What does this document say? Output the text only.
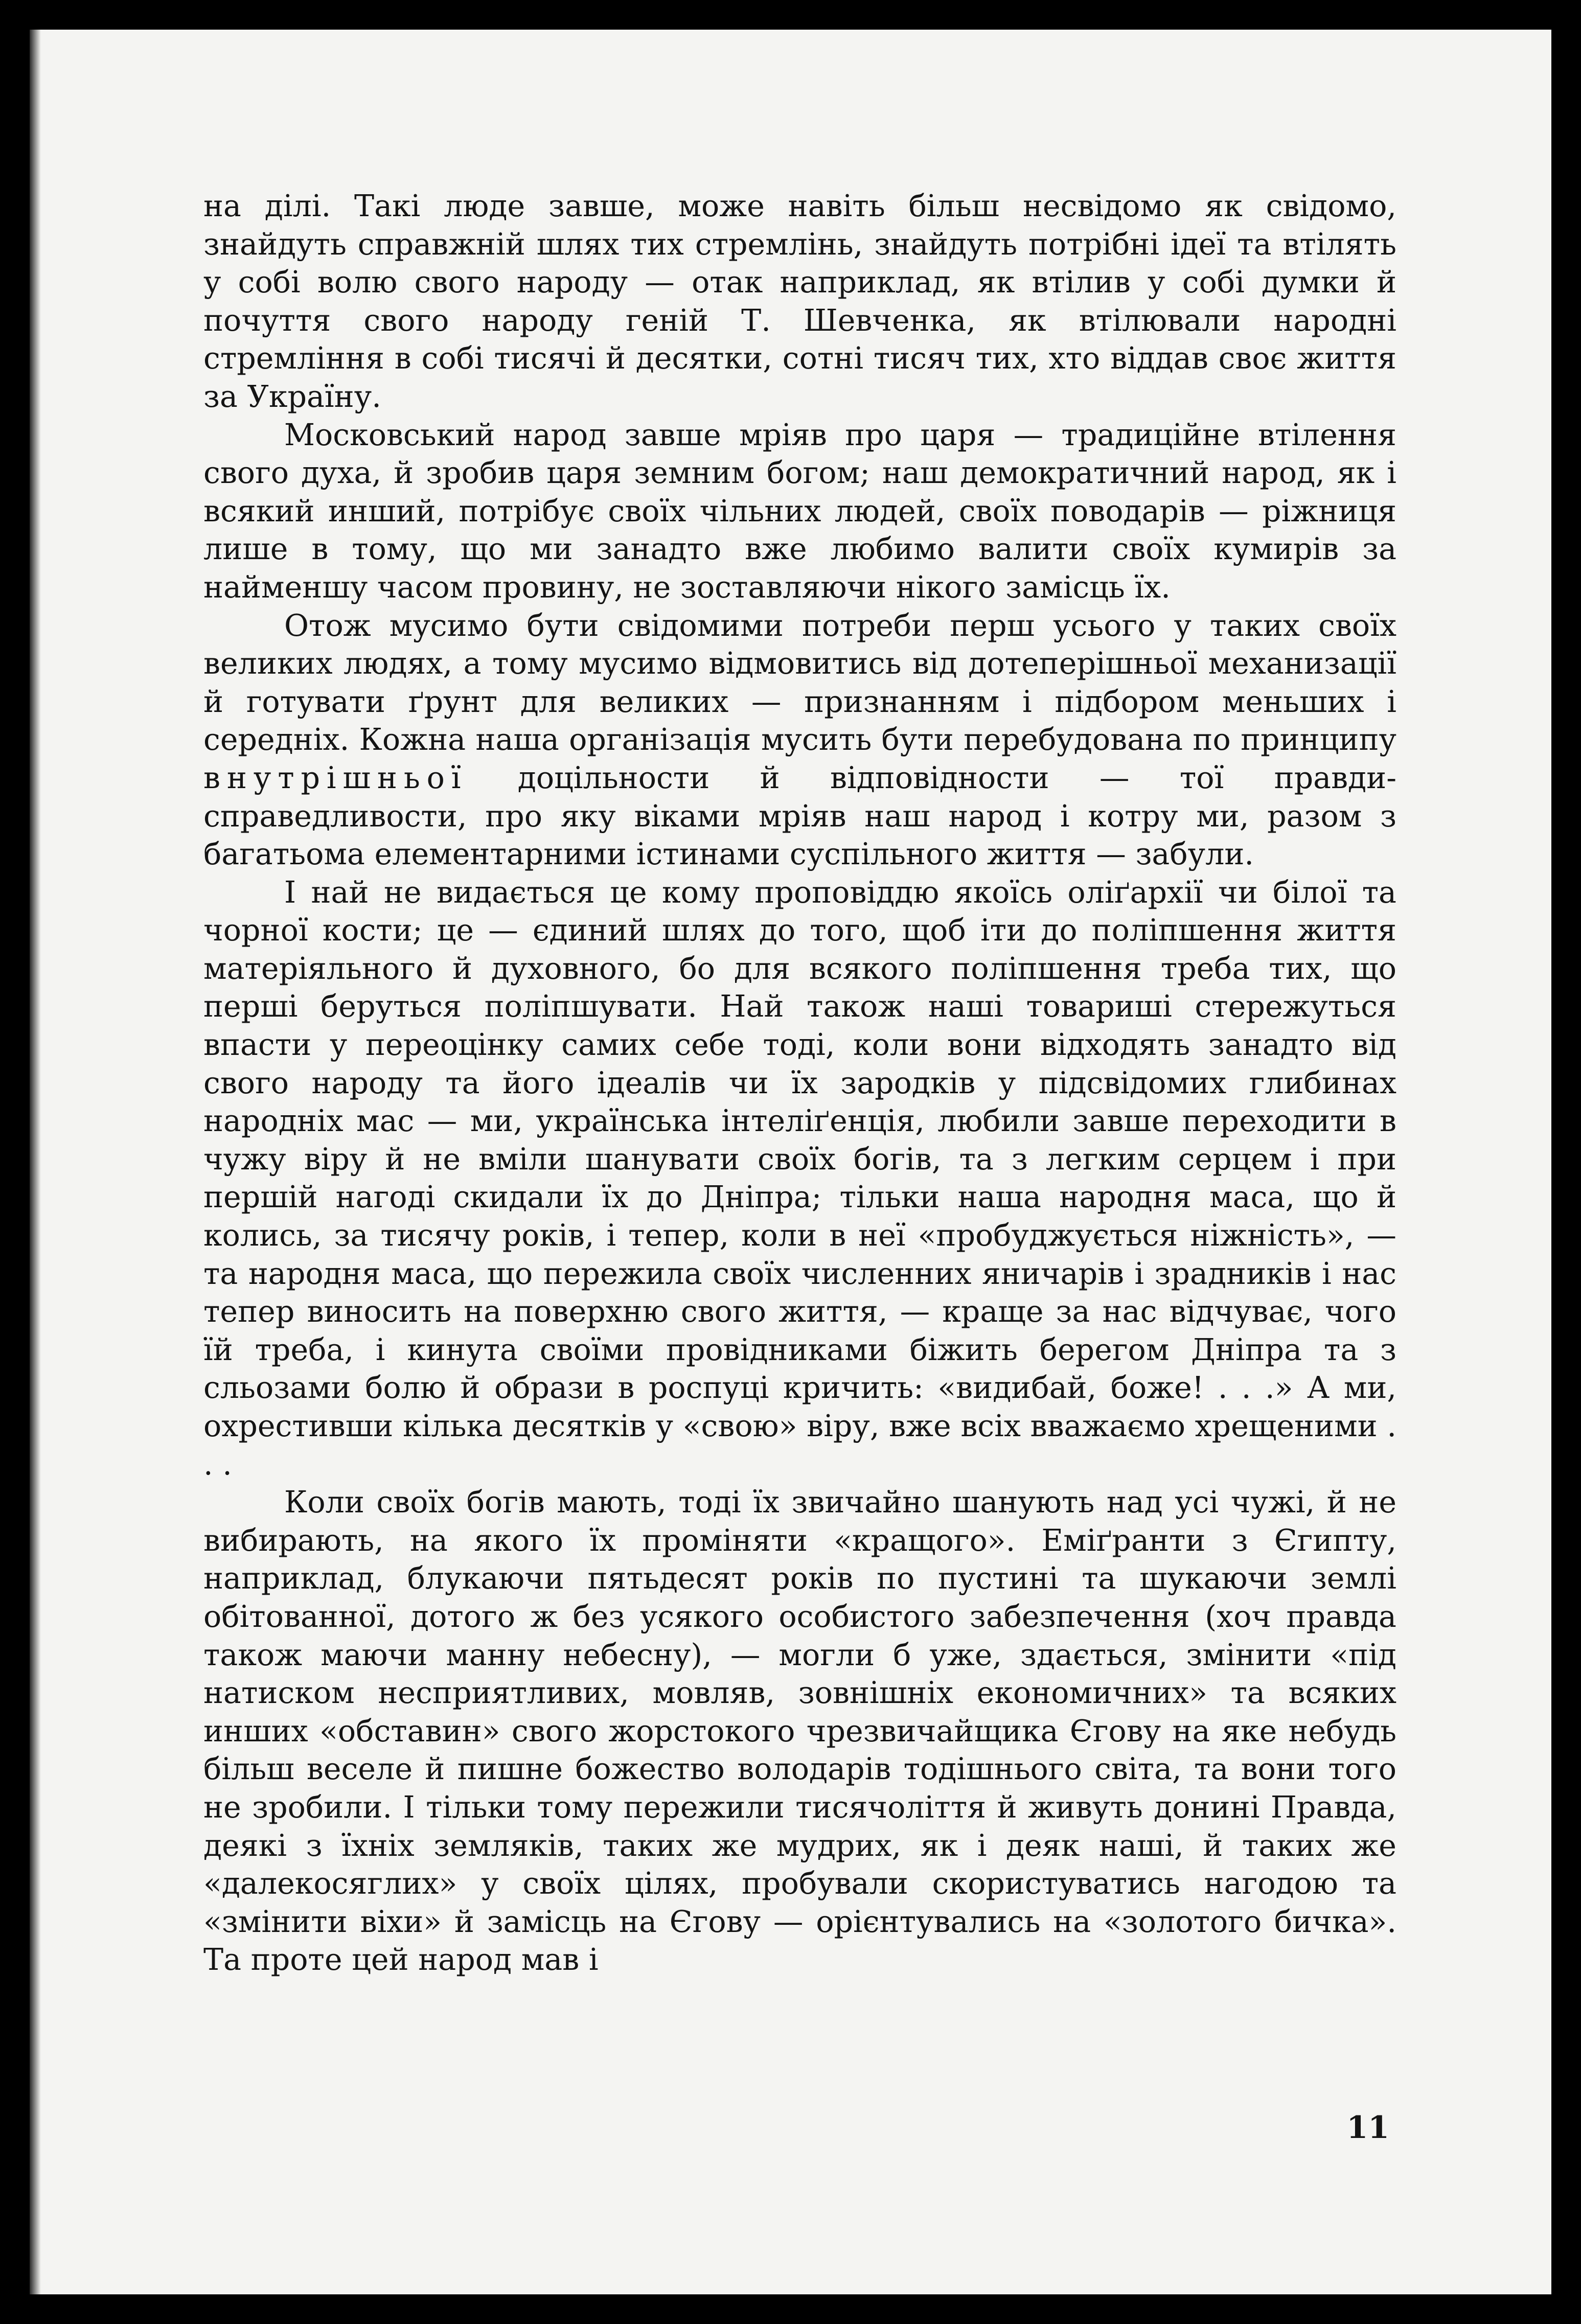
на ділі. Такі люде завше, може навіть більш несвідомо як свідомо, знайдуть справжній шлях тих стремлінь, знайдуть потрібні ідеї та втілять у собі волю свого народу — отак наприклад, як втілив у собі думки й почуття свого народу геній Т. Шевченка, як втілювали народні стремління в собі тисячі й десятки, сотні тисяч тих, хто віддав своє життя за Україну.

Московський народ завше мріяв про царя — традиційне втілення свого духа, й зробив царя земним богом; наш демократичний народ, як і всякий инший, потрібує своїх чільних людей, своїх поводарів — ріжниця лише в тому, що ми занадто вже любимо валити своїх кумирів за найменшу часом провину, не зоставляючи нікого замісць їх.

Отож мусимо бути свідомими потреби перш усього у таких своїх великих людях, а тому мусимо відмовитись від дотеперішньої механизації й готувати ґрунт для великих — признанням і підбором меньших і середніх. Кожна наша організація мусить бути перебудована по принципу внутрішньої доцільности й відповідности — тої правди-справедливости, про яку віками мріяв наш народ і котру ми, разом з багатьома елементарними істинами суспільного життя — забули.

І най не видається це кому проповіддю якоїсь оліґархії чи білої та чорної кости; це — єдиний шлях до того, щоб іти до поліпшення життя матеріяльного й духовного, бо для всякого поліпшення треба тих, що перші беруться поліпшувати. Най також наші товариші стережуться впасти у переоцінку самих себе тоді, коли вони відходять занадто від свого народу та його ідеалів чи їх зародків у підсвідомих глибинах народніх мас — ми, українська інтеліґенція, любили завше переходити в чужу віру й не вміли шанувати своїх богів, та з легким серцем і при першій нагоді скидали їх до Дніпра; тільки наша народня маса, що й колись, за тисячу років, і тепер, коли в неї «пробуджується ніжність», — та народня маса, що пережила своїх численних яничарів і зрадників і нас тепер виносить на поверхню свого життя, — краще за нас відчуває, чого їй треба, і кинута своїми провідниками біжить берегом Дніпра та з сльозами болю й образи в роспуці кричить: «видибай, боже! . . .» А ми, охрестивши кілька десятків у «свою» віру, вже всіх вважаємо хрещеними . . .

Коли своїх богів мають, тоді їх звичайно шанують над усі чужі, й не вибирають, на якого їх проміняти «кращого». Еміґранти з Єгипту, наприклад, блукаючи пятьдесят років по пустині та шукаючи землі обітованної, дотого ж без усякого особистого забезпечення (хоч правда також маючи манну небесну), — могли б уже, здається, змінити «під натиском несприятливих, мовляв, зовнішніх економичних» та всяких инших «обставин» свого жорстокого чрезвичайщика Єгову на яке небудь більш веселе й пишне божество володарів тодішнього світа, та вони того не зробили. І тільки тому пережили тисячоліття й живуть донині Правда, деякі з їхніх земляків, таких же мудрих, як і деяк наші, й таких же «далекосяглих» у своїх цілях, пробували скористуватись нагодою та «змінити віхи» й замісць на Єгову — орієнтувались на «золотого бичка». Та проте цей народ мав і

11
